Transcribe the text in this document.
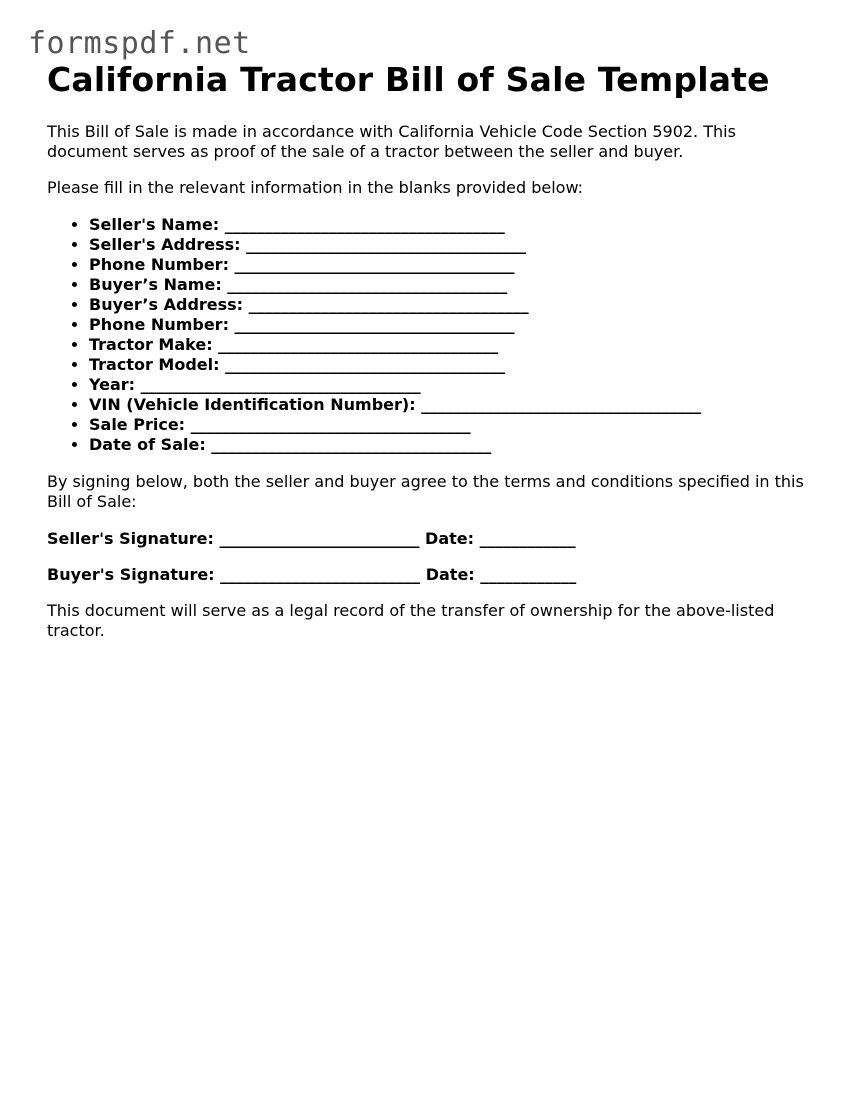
formspdf.net
California Tractor Bill of Sale Template

This Bill of Sale is made in accordance with California Vehicle Code Section 5902. This document serves as proof of the sale of a tractor between the seller and buyer.

Please fill in the relevant information in the blanks provided below:

• Seller's Name: ___________________________________
• Seller's Address: ___________________________________
• Phone Number: ___________________________________
• Buyer’s Name: ___________________________________
• Buyer’s Address: ___________________________________
• Phone Number: ___________________________________
• Tractor Make: ___________________________________
• Tractor Model: ___________________________________
• Year: ___________________________________
• VIN (Vehicle Identification Number): ___________________________________
• Sale Price: ___________________________________
• Date of Sale: ___________________________________

By signing below, both the seller and buyer agree to the terms and conditions specified in this Bill of Sale:

Seller's Signature: _________________________ Date: ____________
Buyer's Signature: _________________________ Date: ____________

This document will serve as a legal record of the transfer of ownership for the above-listed tractor.
